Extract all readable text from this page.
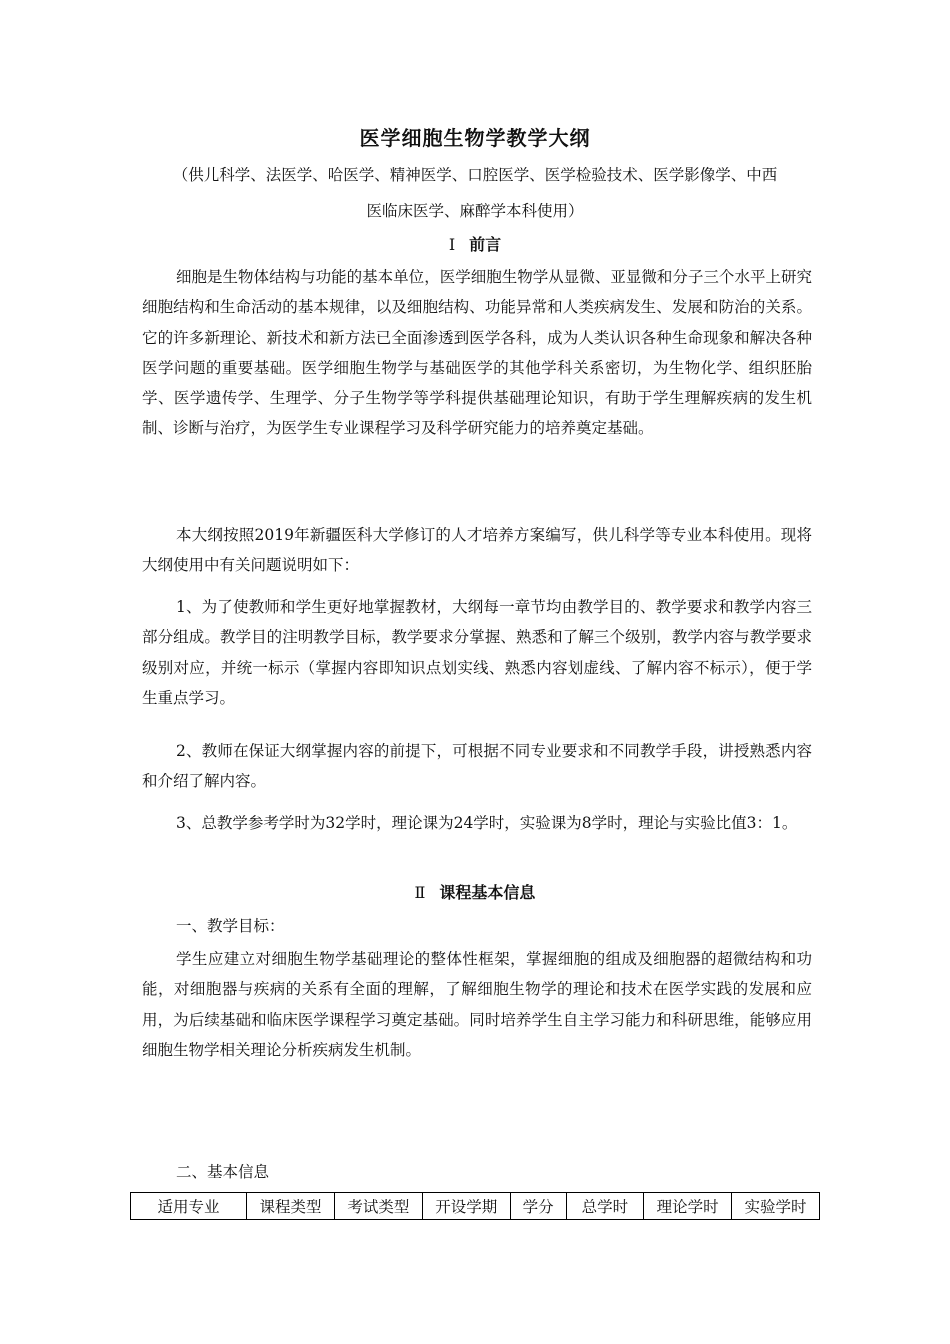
医学细胞生物学教学大纲
（供儿科学、法医学、哈医学、精神医学、口腔医学、医学检验技术、医学影像学、中西
医临床医学、麻醉学本科使用）
Ⅰ 前言

细胞是生物体结构与功能的基本单位，医学细胞生物学从显微、亚显微和分子三个水平上研究细胞结构和生命活动的基本规律，以及细胞结构、功能异常和人类疾病发生、发展和防治的关系。它的许多新理论、新技术和新方法已全面渗透到医学各科，成为人类认识各种生命现象和解决各种医学问题的重要基础。医学细胞生物学与基础医学的其他学科关系密切，为生物化学、组织胚胎学、医学遗传学、生理学、分子生物学等学科提供基础理论知识，有助于学生理解疾病的发生机制、诊断与治疗，为医学生专业课程学习及科学研究能力的培养奠定基础。

本大纲按照2019年新疆医科大学修订的人才培养方案编写，供儿科学等专业本科使用。现将大纲使用中有关问题说明如下：

1、为了使教师和学生更好地掌握教材，大纲每一章节均由教学目的、教学要求和教学内容三部分组成。教学目的注明教学目标，教学要求分掌握、熟悉和了解三个级别，教学内容与教学要求级别对应，并统一标示（掌握内容即知识点划实线、熟悉内容划虚线、了解内容不标示），便于学生重点学习。

2、教师在保证大纲掌握内容的前提下，可根据不同专业要求和不同教学手段，讲授熟悉内容和介绍了解内容。

3、总教学参考学时为32学时，理论课为24学时，实验课为8学时，理论与实验比值3：1。

Ⅱ 课程基本信息
一、教学目标：

学生应建立对细胞生物学基础理论的整体性框架，掌握细胞的组成及细胞器的超微结构和功能，对细胞器与疾病的关系有全面的理解，了解细胞生物学的理论和技术在医学实践的发展和应用，为后续基础和临床医学课程学习奠定基础。同时培养学生自主学习能力和科研思维，能够应用细胞生物学相关理论分析疾病发生机制。

二、基本信息
适用专业	课程类型	考试类型	开设学期	学分	总学时	理论学时	实验学时
